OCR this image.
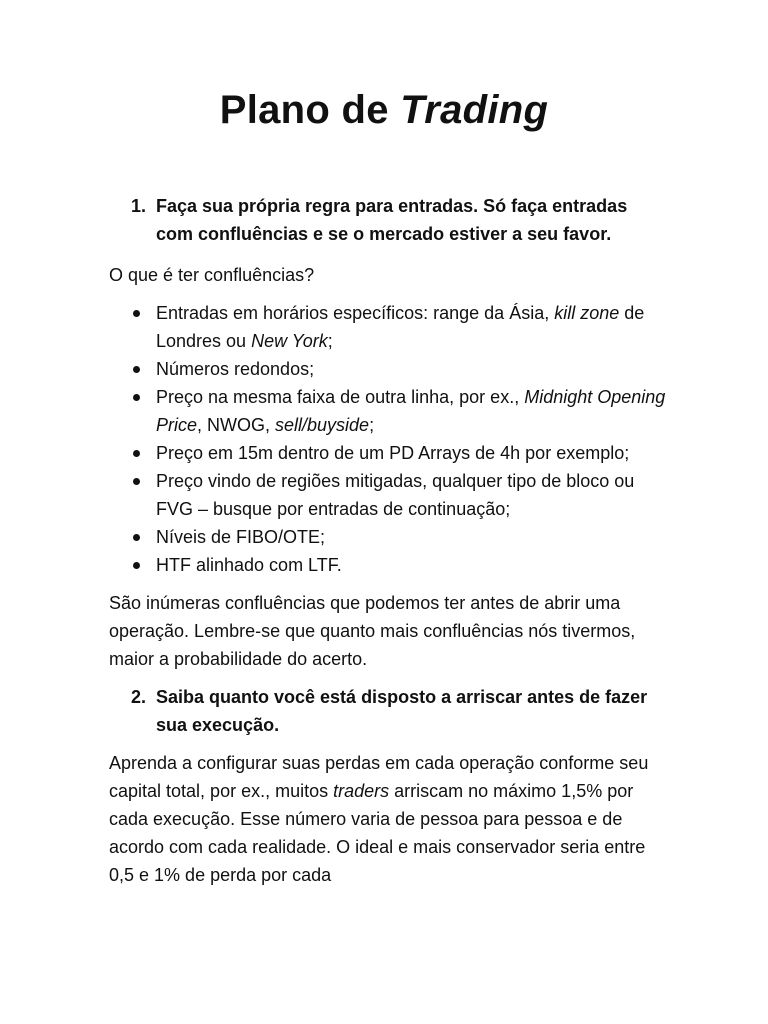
Plano de Trading
1. Faça sua própria regra para entradas. Só faça entradas com confluências e se o mercado estiver a seu favor.

O que é ter confluências?

Entradas em horários específicos: range da Ásia, kill zone de Londres ou New York;
Números redondos;
Preço na mesma faixa de outra linha, por ex., Midnight Opening Price, NWOG, sell/buyside;
Preço em 15m dentro de um PD Arrays de 4h por exemplo;
Preço vindo de regiões mitigadas, qualquer tipo de bloco ou FVG – busque por entradas de continuação;
Níveis de FIBO/OTE;
HTF alinhado com LTF.

São inúmeras confluências que podemos ter antes de abrir uma operação. Lembre-se que quanto mais confluências nós tivermos, maior a probabilidade do acerto.

2. Saiba quanto você está disposto a arriscar antes de fazer sua execução.

Aprenda a configurar suas perdas em cada operação conforme seu capital total, por ex., muitos traders arriscam no máximo 1,5% por cada execução. Esse número varia de pessoa para pessoa e de acordo com cada realidade. O ideal e mais conservador seria entre 0,5 e 1% de perda por cada
